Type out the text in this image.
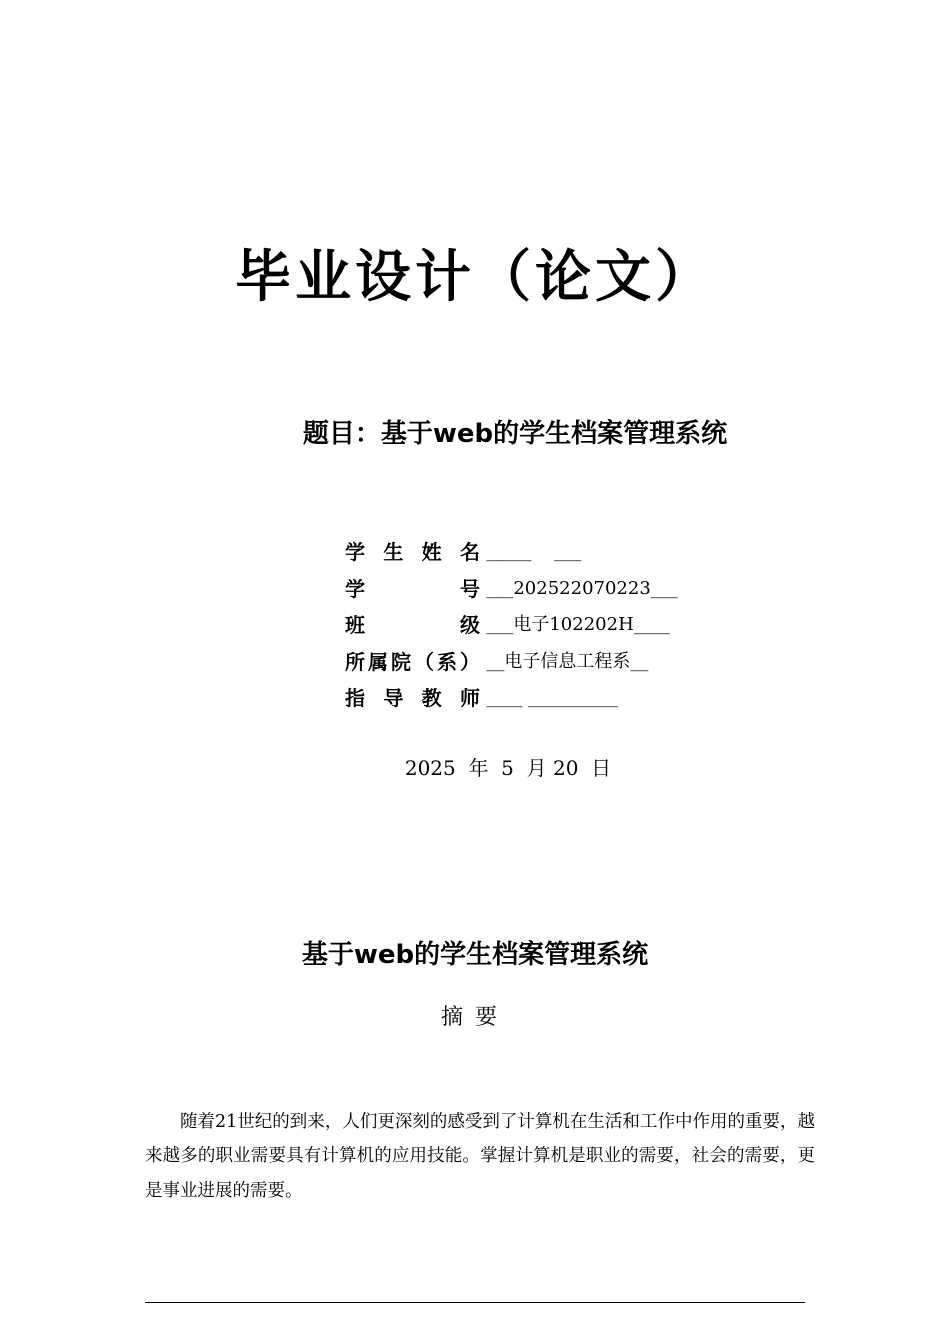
毕业设计（论文）
题目：基于web的学生档案管理系统
学生姓名 _____    ___
学号 ___202522070223___
班级 ___电子102202H____
所属院（系） __电子信息工程系__
指导教师 ____ __________
2025  年  5  月 20  日
基于web的学生档案管理系统
摘要

随着21世纪的到来，人们更深刻的感受到了计算机在生活和工作中作用的重要，越来越多的职业需要具有计算机的应用技能。掌握计算机是职业的需要，社会的需要，更是事业进展的需要。
